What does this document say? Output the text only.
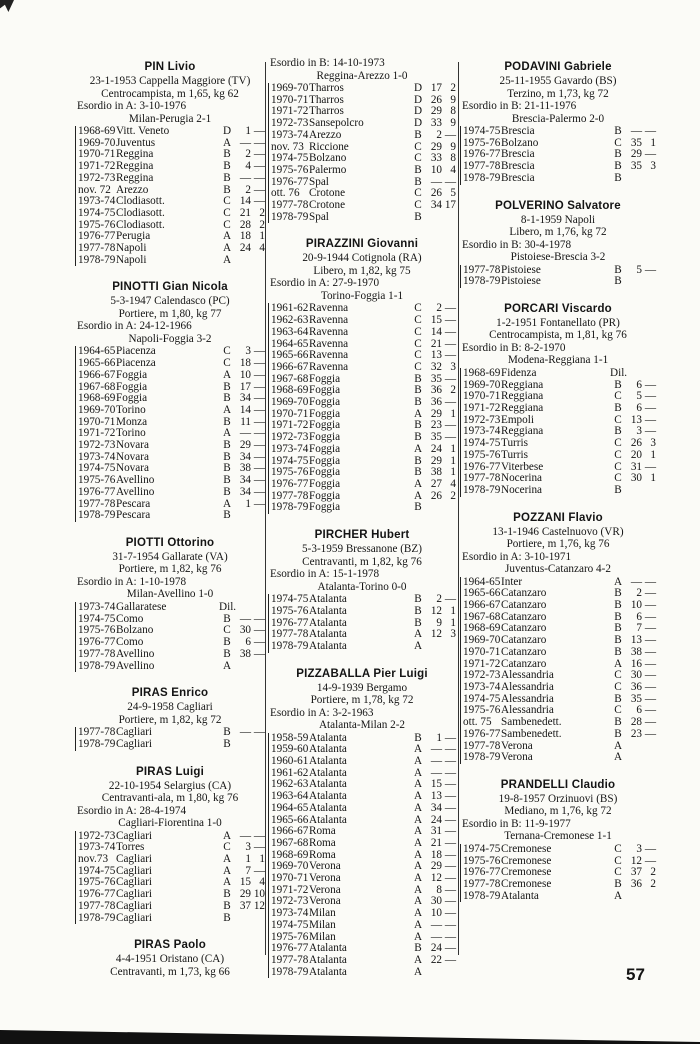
PIN Livio
23-1-1953 Cappella Maggiore (TV)
Centrocampista, m 1,65, kg 62
Esordio in A: 3-10-1976
Milan-Perugia 2-1
1968-69 Vitt. Veneto	D	1 —
1969-70 Juventus	A — —
1970-71 Reggina	B	2 —
1971-72 Reggina	B	4 —
1972-73 Reggina	B — —
nov. 72 Arezzo	B	2 —
1973-74 Clodiasott.	C 14 —
1974-75 Clodiasott.	C 21 2
1975-76 Clodiasott.	C 28 2
1976-77 Perugia	A 18 1
1977-78 Napoli	A 24 4
1978-79 Napoli	A
PINOTTI Gian Nicola
5-3-1947 Calendasco (PC)
Portiere, m 1,80, kg 77
Esordio in A: 24-12-1966
Napoli-Foggia 3-2
1964-65 Piacenza	C	3 —
1965-66 Piacenza	C 18 —
1966-67 Foggia	A 10 —
1967-68 Foggia	B 17 —
1968-69 Foggia	B 34 —
1969-70 Torino	A 14 —
1970-71 Monza	B 11 —
1971-72 Torino	A — —
1972-73 Novara	B 29 —
1973-74 Novara	B 34 —
1974-75 Novara	B 38 —
1975-76 Avellino	B 34 —
1976-77 Avellino	B 34 —
1977-78 Pescara	A	1 —
1978-79 Pescara	B
PIOTTI Ottorino
31-7-1954 Gallarate (VA)
Portiere, m 1,82, kg 76
Esordio in A: 1-10-1978
Milan-Avellino 1-0
1973-74 Gallaratese	Dil.
1974-75 Como	B — —
1975-76 Bolzano	C 30 —
1976-77 Como	B	6 —
1977-78 Avellino	B 38 —
1978-79 Avellino	A
PIRAS Enrico
24-9-1958 Cagliari
Portiere, m 1,82, kg 72
1977-78 Cagliari	B — —
1978-79 Cagliari	B
PIRAS Luigi
22-10-1954 Selargius (CA)
Centravanti-ala, m 1,80, kg 76
Esordio in A: 28-4-1974
Cagliari-Fiorentina 1-0
1972-73 Cagliari	A — —
1973-74 Torres	C	3 —
nov.73 Cagliari	A	1 1
1974-75 Cagliari	A	7 —
1975-76 Cagliari	A 15 4
1976-77 Cagliari	B 29 10
1977-78 Cagliari	B 37 12
1978-79 Cagliari	B
PIRAS Paolo
4-4-1951 Oristano (CA)
Centravanti, m 1,73, kg 66
Esordio in B: 14-10-1973
Reggina-Arezzo 1-0
1969-70 Tharros	D 17 2
1970-71 Tharros	D 26 9
1971-72 Tharros	D 29 8
1972-73 Sansepolcro	D 33 9
1973-74 Arezzo	B	2 —
nov. 73 Riccione	C 29 9
1974-75 Bolzano	C 33 8
1975-76 Palermo	B 10 4
1976-77 Spal	B — —
ott. 76 Crotone	C 26 5
1977-78 Crotone	C 34 17
1978-79 Spal	B
PIRAZZINI Giovanni
20-9-1944 Cotignola (RA)
Libero, m 1,82, kg 75
Esordio in A: 27-9-1970
Torino-Foggia 1-1
1961-62 Ravenna	C	2 —
1962-63 Ravenna	C 15 —
1963-64 Ravenna	C 14 —
1964-65 Ravenna	C 21 —
1965-66 Ravenna	C 13 —
1966-67 Ravenna	C 32 3
1967-68 Foggia	B 35 —
1968-69 Foggia	B 36 2
1969-70 Foggia	B 36 —
1970-71 Foggia	A 29 1
1971-72 Foggia	B 23 —
1972-73 Foggia	B 35 —
1973-74 Foggia	A 24 1
1974-75 Foggia	B 29 1
1975-76 Foggia	B 38 1
1976-77 Foggia	A 27 4
1977-78 Foggia	A 26 2
1978-79 Foggia	B
PIRCHER Hubert
5-3-1959 Bressanone (BZ)
Centravanti, m 1,82, kg 76
Esordio in A: 15-1-1978
Atalanta-Torino 0-0
1974-75 Atalanta	B	2 —
1975-76 Atalanta	B 12 1
1976-77 Atalanta	B	9 1
1977-78 Atalanta	A 12 3
1978-79 Atalanta	A
PIZZABALLA Pier Luigi
14-9-1939 Bergamo
Portiere, m 1,78, kg 72
Esordio in A: 3-2-1963
Atalanta-Milan 2-2
1958-59 Atalanta	B	1 —
1959-60 Atalanta	A — —
1960-61 Atalanta	A — —
1961-62 Atalanta	A — —
1962-63 Atalanta	A 15 —
1963-64 Atalanta	A 13 —
1964-65 Atalanta	A 34 —
1965-66 Atalanta	A 24 —
1966-67 Roma	A 31 —
1967-68 Roma	A 21 —
1968-69 Roma	A 18 —
1969-70 Verona	A 29 —
1970-71 Verona	A 12 —
1971-72 Verona	A	8 —
1972-73 Verona	A 30 —
1973-74 Milan	A 10 —
1974-75 Milan	A — —
1975-76 Milan	A — —
1976-77 Atalanta	B 24 —
1977-78 Atalanta	A 22 —
1978-79 Atalanta	A
PODAVINI Gabriele
25-11-1955 Gavardo (BS)
Terzino, m 1,73, kg 72
Esordio in B: 21-11-1976
Brescia-Palermo 2-0
1974-75 Brescia	B — —
1975-76 Bolzano	C 35 1
1976-77 Brescia	B 29 —
1977-78 Brescia	B 35 3
1978-79 Brescia	B
POLVERINO Salvatore
8-1-1959 Napoli
Libero, m 1,76, kg 72
Esordio in B: 30-4-1978
Pistoiese-Brescia 3-2
1977-78 Pistoiese	B	5 —
1978-79 Pistoiese	B
PORCARI Viscardo
1-2-1951 Fontanellato (PR)
Centrocampista, m 1,81, kg 76
Esordio in B: 8-2-1970
Modena-Reggiana 1-1
1968-69 Fidenza	Dil.
1969-70 Reggiana	B	6 —
1970-71 Reggiana	C	5 —
1971-72 Reggiana	B	6 —
1972-73 Empoli	C 13 —
1973-74 Reggiana	B	3 —
1974-75 Turris	C 26 3
1975-76 Turris	C 20 1
1976-77 Viterbese	C 31 —
1977-78 Nocerina	C 30 1
1978-79 Nocerina	B
POZZANI Flavio
13-1-1946 Castelnuovo (VR)
Portiere, m 1,76, kg 76
Esordio in A: 3-10-1971
Juventus-Catanzaro 4-2
1964-65 Inter	A — —
1965-66 Catanzaro	B	2 —
1966-67 Catanzaro	B 10 —
1967-68 Catanzaro	B	6 —
1968-69 Catanzaro	B	7 —
1969-70 Catanzaro	B 13 —
1970-71 Catanzaro	B 38 —
1971-72 Catanzaro	A 16 —
1972-73 Alessandria	C 30 —
1973-74 Alessandria	C 36 —
1974-75 Alessandria	B 35 —
1975-76 Alessandria	C	6 —
ott. 75 Sambenedett.	B 28 —
1976-77 Sambenedett.	B 23 —
1977-78 Verona	A
1978-79 Verona	A
PRANDELLI Claudio
19-8-1957 Orzinuovi (BS)
Mediano, m 1,76, kg 72
Esordio in B: 11-9-1977
Ternana-Cremonese 1-1
1974-75 Cremonese	C	3 —
1975-76 Cremonese	C 12 —
1976-77 Cremonese	C 37 2
1977-78 Cremonese	B 36 2
1978-79 Atalanta	A
57
